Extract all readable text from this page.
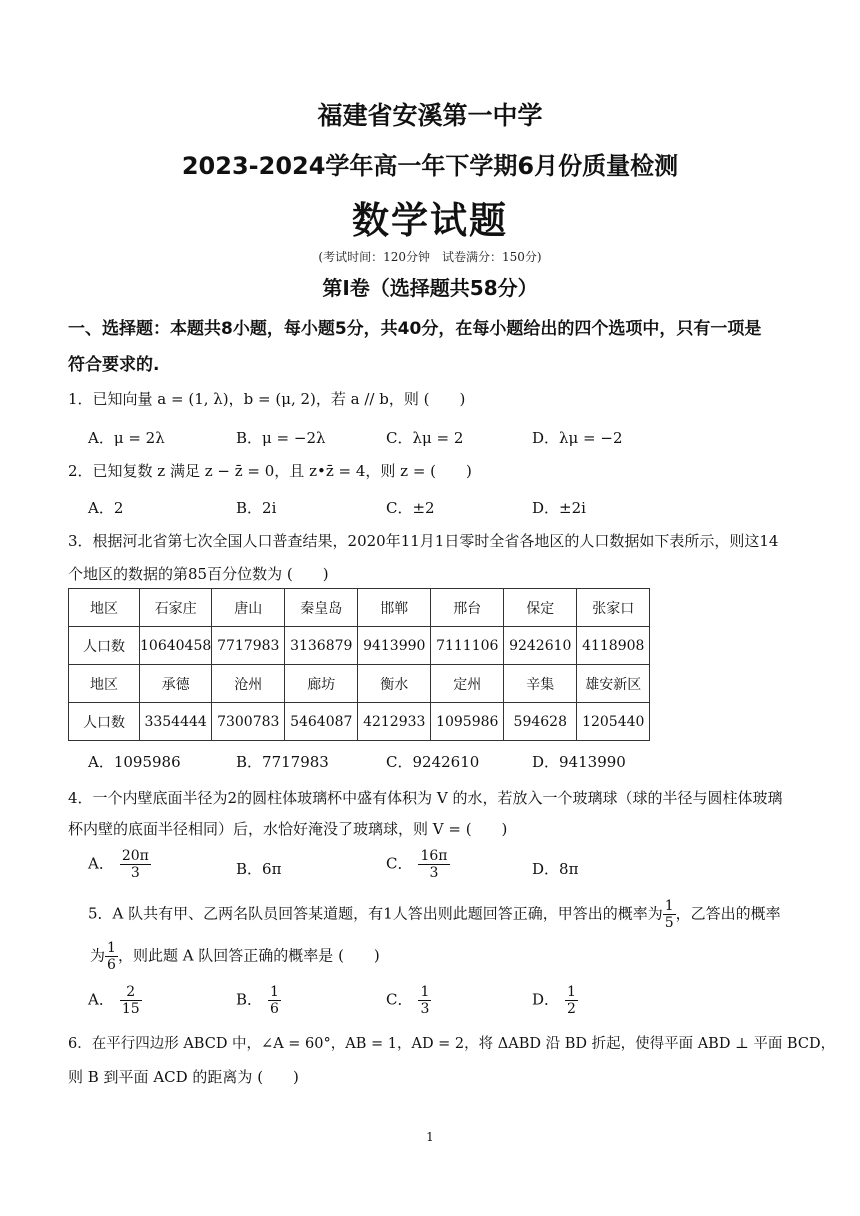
福建省安溪第一中学
2023-2024学年高一年下学期6月份质量检测
数学试题
(考试时间：120分钟　试卷满分：150分)
第I卷（选择题共58分）
一、选择题：本题共8小题，每小题5分，共40分，在每小题给出的四个选项中，只有一项是
符合要求的.
1．已知向量 a = (1, λ)，b = (μ, 2)，若 a // b，则 (　　)
A．μ = 2λ	B．μ = −2λ	C．λμ = 2	D．λμ = −2
2．已知复数 z 满足 z − z̄ = 0，且 z•z̄ = 4，则 z = (　　)
A．2	B．2i	C．±2	D．±2i
3．根据河北省第七次全国人口普查结果，2020年11月1日零时全省各地区的人口数据如下表所示，则这14
个地区的数据的第85百分位数为 (　　)
地区	石家庄	唐山	秦皇岛	邯郸	邢台	保定	张家口
人口数	10640458	7717983	3136879	9413990	7111106	9242610	4118908
地区	承德	沧州	廊坊	衡水	定州	辛集	雄安新区
人口数	3354444	7300783	5464087	4212933	1095986	594628	1205440
A．1095986	B．7717983	C．9242610	D．9413990
4．一个内壁底面半径为2的圆柱体玻璃杯中盛有体积为 V 的水，若放入一个玻璃球（球的半径与圆柱体玻璃
杯内壁的底面半径相同）后，水恰好淹没了玻璃球，则 V = (　　)
A． $\frac{20\pi}{3}$	B．6π	C． $\frac{16\pi}{3}$	D．8π
5．A 队共有甲、乙两名队员回答某道题，有1人答出则此题回答正确，甲答出的概率为 $\frac{1}{5}$ ，乙答出的概率
为 $\frac{1}{6}$ ，则此题 A 队回答正确的概率是 (　　)
A． $\frac{2}{15}$	B． $\frac{1}{6}$	C． $\frac{1}{3}$	D． $\frac{1}{2}$
6．在平行四边形 ABCD 中，∠A = 60°，AB = 1，AD = 2，将 ΔABD 沿 BD 折起，使得平面 ABD ⊥ 平面 BCD，
则 B 到平面 ACD 的距离为 (　　)
1
